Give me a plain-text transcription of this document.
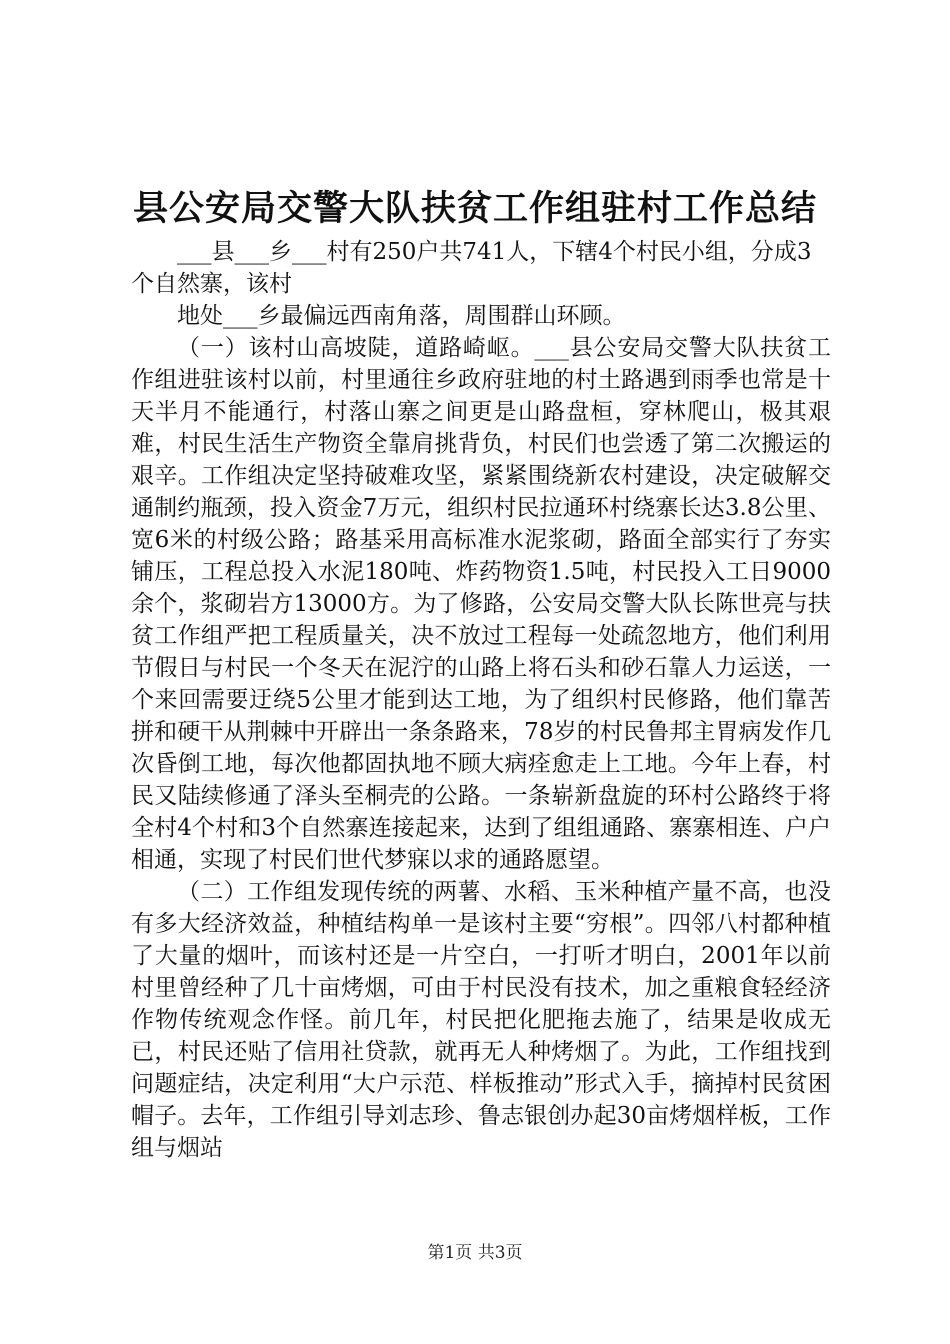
县公安局交警大队扶贫工作组驻村工作总结

___县___乡___村有250户共741人，下辖4个村民小组，分成3个自然寨，该村

地处___乡最偏远西南角落，周围群山环顾。

（一）该村山高坡陡，道路崎岖。___县公安局交警大队扶贫工作组进驻该村以前，村里通往乡政府驻地的村土路遇到雨季也常是十天半月不能通行，村落山寨之间更是山路盘桓，穿林爬山，极其艰难，村民生活生产物资全靠肩挑背负，村民们也尝透了第二次搬运的艰辛。工作组决定坚持破难攻坚，紧紧围绕新农村建设，决定破解交通制约瓶颈，投入资金7万元，组织村民拉通环村绕寨长达3.8公里、宽6米的村级公路；路基采用高标准水泥浆砌，路面全部实行了夯实铺压，工程总投入水泥180吨、炸药物资1.5吨，村民投入工日9000余个，浆砌岩方13000方。为了修路，公安局交警大队长陈世亮与扶贫工作组严把工程质量关，决不放过工程每一处疏忽地方，他们利用节假日与村民一个冬天在泥泞的山路上将石头和砂石靠人力运送，一个来回需要迂绕5公里才能到达工地，为了组织村民修路，他们靠苦拼和硬干从荆棘中开辟出一条条路来，78岁的村民鲁邦主胃病发作几次昏倒工地，每次他都固执地不顾大病痊愈走上工地。今年上春，村民又陆续修通了泽头至桐壳的公路。一条崭新盘旋的环村公路终于将全村4个村和3个自然寨连接起来，达到了组组通路、寨寨相连、户户相通，实现了村民们世代梦寐以求的通路愿望。

（二）工作组发现传统的两薯、水稻、玉米种植产量不高，也没有多大经济效益，种植结构单一是该村主要“穷根”。四邻八村都种植了大量的烟叶，而该村还是一片空白，一打听才明白，2001年以前村里曾经种了几十亩烤烟，可由于村民没有技术，加之重粮食轻经济作物传统观念作怪。前几年，村民把化肥拖去施了，结果是收成无已，村民还贴了信用社贷款，就再无人种烤烟了。为此，工作组找到问题症结，决定利用“大户示范、样板推动”形式入手，摘掉村民贫困帽子。去年，工作组引导刘志珍、鲁志银创办起30亩烤烟样板，工作组与烟站

第1页 共3页
